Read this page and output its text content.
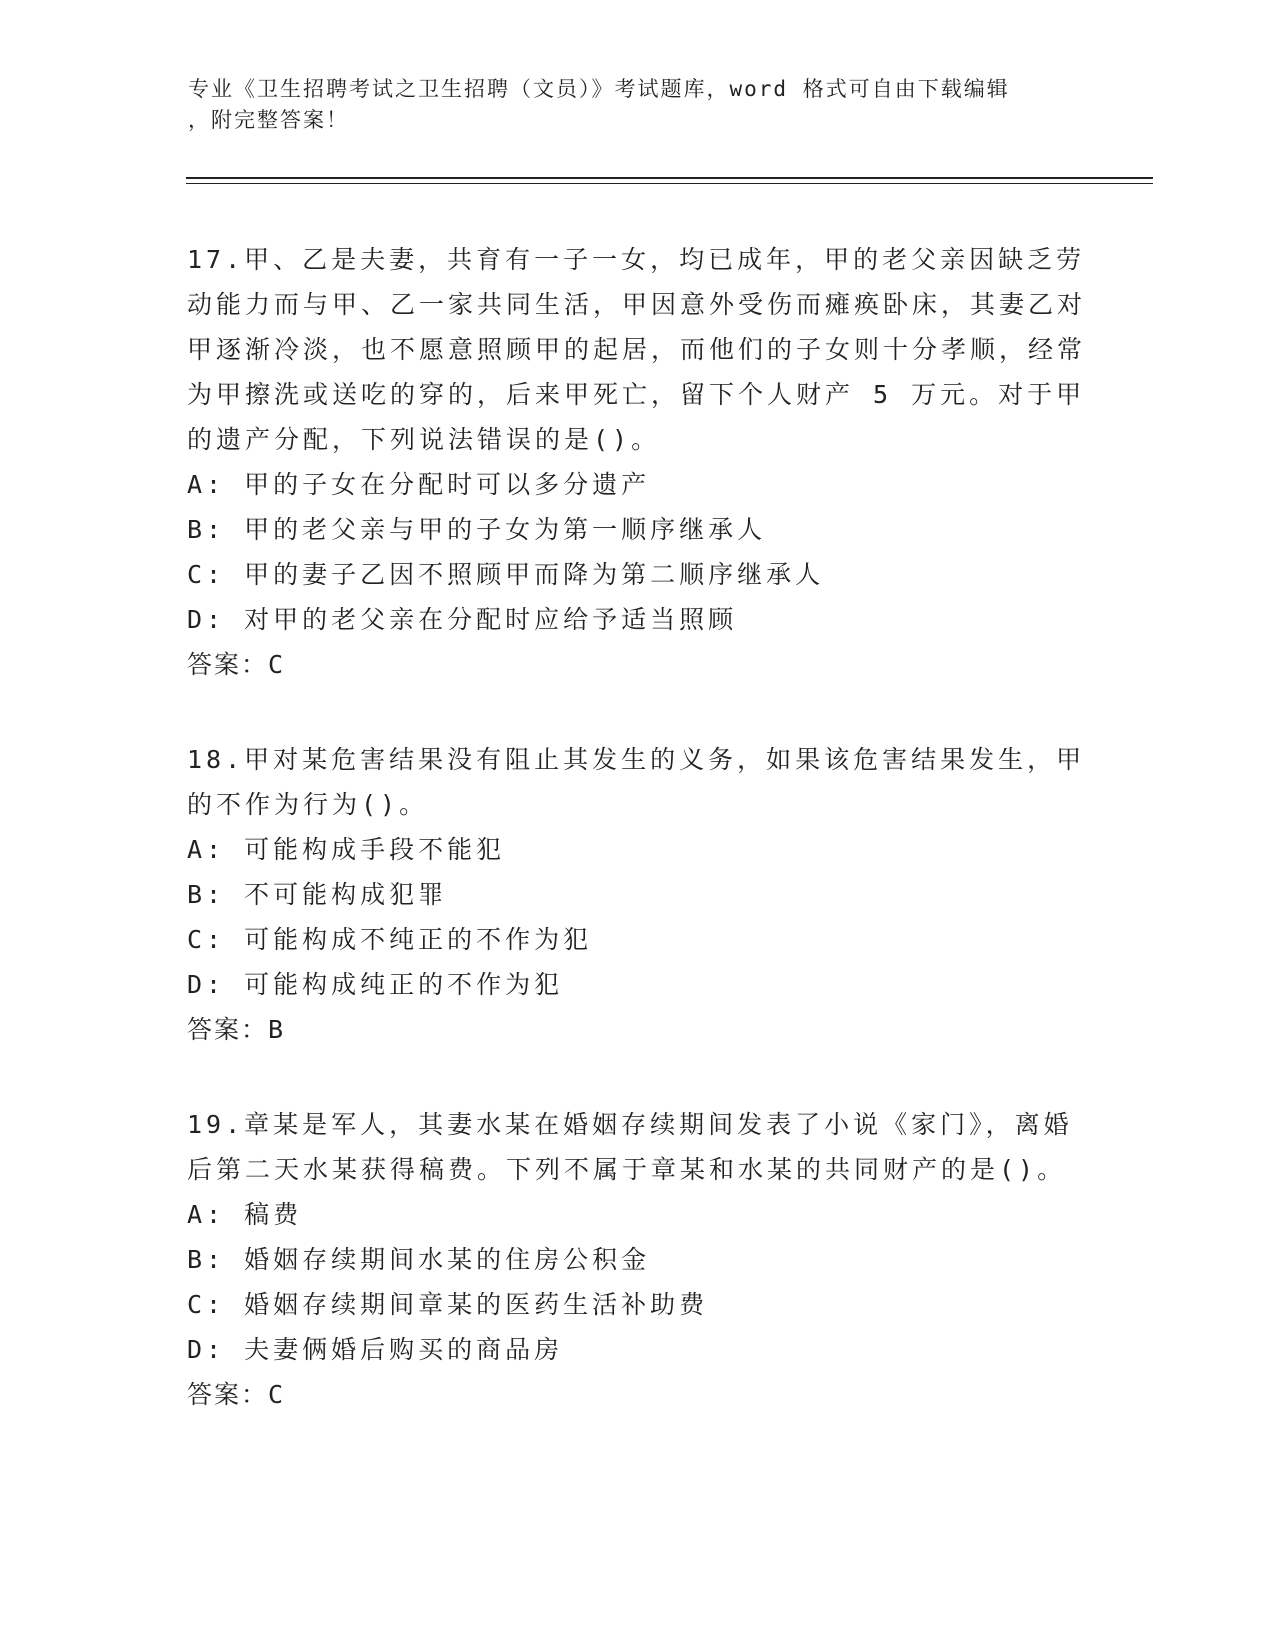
专业《卫生招聘考试之卫生招聘（文员）》考试题库，word 格式可自由下载编辑
，附完整答案！
17.甲、乙是夫妻，共育有一子一女，均已成年，甲的老父亲因缺乏劳动能力而与甲、乙一家共同生活，甲因意外受伤而瘫痪卧床，其妻乙对甲逐渐冷淡，也不愿意照顾甲的起居，而他们的子女则十分孝顺，经常为甲擦洗或送吃的穿的，后来甲死亡，留下个人财产 5 万元。对于甲的遗产分配，下列说法错误的是()。
A: 甲的子女在分配时可以多分遗产
B: 甲的老父亲与甲的子女为第一顺序继承人
C: 甲的妻子乙因不照顾甲而降为第二顺序继承人
D: 对甲的老父亲在分配时应给予适当照顾
答案：C
18.甲对某危害结果没有阻止其发生的义务，如果该危害结果发生，甲的不作为行为()。
A: 可能构成手段不能犯
B: 不可能构成犯罪
C: 可能构成不纯正的不作为犯
D: 可能构成纯正的不作为犯
答案：B
19.章某是军人，其妻水某在婚姻存续期间发表了小说《家门》，离婚后第二天水某获得稿费。下列不属于章某和水某的共同财产的是()。
A: 稿费
B: 婚姻存续期间水某的住房公积金
C: 婚姻存续期间章某的医药生活补助费
D: 夫妻俩婚后购买的商品房
答案：C
